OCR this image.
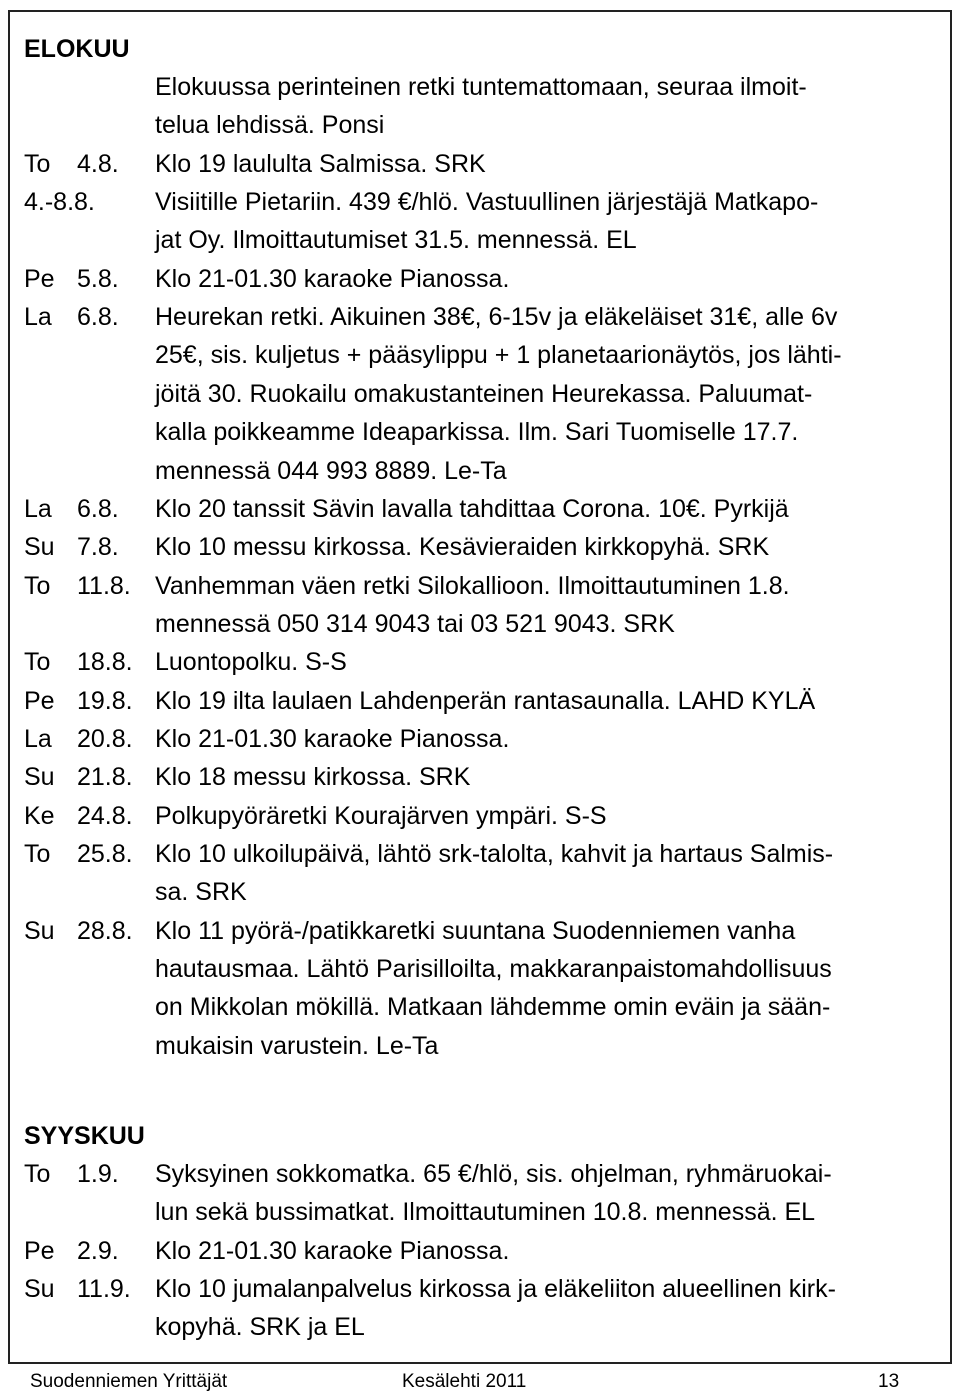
ELOKUU
SYYSKUU
Elokuussa perinteinen retki tuntemattomaan, seuraa ilmoit-
telua lehdissä. Ponsi
To 4.8. Klo 19 laululta Salmissa. SRK
4.-8.8. Visiitille Pietariin. 439 €/hlö. Vastuullinen järjestäjä Matkapo-
jat Oy. Ilmoittautumiset 31.5. mennessä. EL
Pe 5.8. Klo 21-01.30 karaoke Pianossa.
La 6.8. Heurekan retki. Aikuinen 38€, 6-15v ja eläkeläiset 31€, alle 6v
25€, sis. kuljetus + pääsylippu + 1 planetaarionäytös, jos lähti-
jöitä 30. Ruokailu omakustanteinen Heurekassa. Paluumat-
kalla poikkeamme Ideaparkissa. Ilm. Sari Tuomiselle 17.7.
mennessä 044 993 8889. Le-Ta
La 6.8. Klo 20 tanssit Sävin lavalla tahdittaa Corona. 10€. Pyrkijä
Su 7.8. Klo 10 messu kirkossa. Kesävieraiden kirkkopyhä. SRK
To 11.8. Vanhemman väen retki Silokallioon. Ilmoittautuminen 1.8.
mennessä 050 314 9043 tai 03 521 9043. SRK
To 18.8. Luontopolku. S-S
Pe 19.8. Klo 19 ilta laulaen Lahdenperän rantasaunalla. LAHD KYLÄ
La 20.8. Klo 21-01.30 karaoke Pianossa.
Su 21.8. Klo 18 messu kirkossa. SRK
Ke 24.8. Polkupyöräretki Kourajärven ympäri. S-S
To 25.8. Klo 10 ulkoilupäivä, lähtö srk-talolta, kahvit ja hartaus Salmis-
sa. SRK
Su 28.8. Klo 11 pyörä-/patikkaretki suuntana Suodenniemen vanha
hautausmaa. Lähtö Parisilloilta, makkaranpaistomahdollisuus
on Mikkolan mökillä. Matkaan lähdemme omin eväin ja sään-
mukaisin varustein. Le-Ta
To 1.9. Syksyinen sokkomatka. 65 €/hlö, sis. ohjelman, ryhmäruokai-
lun sekä bussimatkat. Ilmoittautuminen 10.8. mennessä. EL
Pe 2.9. Klo 21-01.30 karaoke Pianossa.
Su 11.9. Klo 10 jumalanpalvelus kirkossa ja eläkeliiton alueellinen kirk-
kopyhä. SRK ja EL
Suodenniemen Yrittäjät	Kesälehti 2011	13
